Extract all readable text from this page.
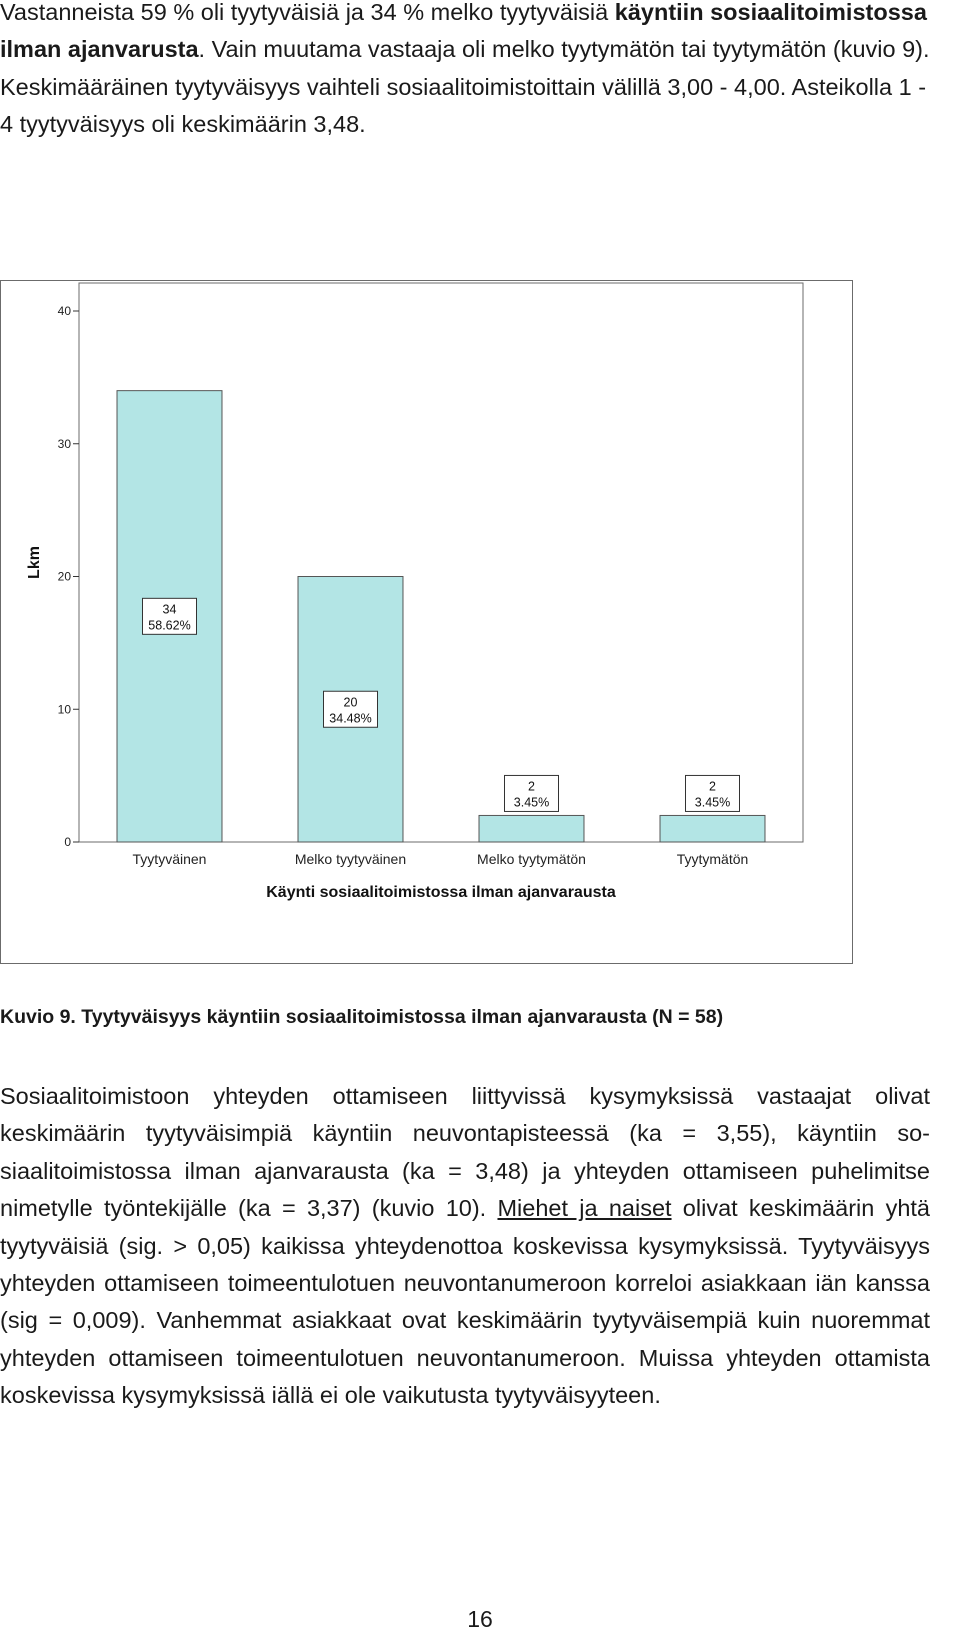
Vastanneista 59 % oli tyytyväisiä ja 34 % melko tyytyväisiä käyntiin sosiaalitoimistossa ilman ajanvarusta. Vain muutama vastaaja oli melko tyytymätön tai tyytymätön (kuvio 9). Keskimääräinen tyytyväisyys vaihteli sosiaalitoimistoittain välillä 3,00 - 4,00. Asteikolla 1 - 4 tyytyväisyys oli keskimäärin 3,48.

0
10
20
30
40
Lkm
Tyytyväinen
34
58.62%
Melko tyytyväinen
20
34.48%
Melko tyytymätön
2
3.45%
Tyytymätön
2
3.45%
Käynti sosiaalitoimistossa ilman ajanvarausta
Kuvio 9. Tyytyväisyys käyntiin sosiaalitoimistossa ilman ajanvarausta (N = 58)

Sosiaalitoimistoon yhteyden ottamiseen liittyvissä kysymyksissä vastaajat olivat keskimäärin tyytyväisimpiä käyntiin neuvontapisteessä (ka = 3,55), käyntiin sosiaalitoimistossa ilman ajanvarausta (ka = 3,48) ja yhteyden ottamiseen puhelimitse nimetylle työntekijälle (ka = 3,37) (kuvio 10). Miehet ja naiset olivat keskimäärin yhtä tyytyväisiä (sig. > 0,05) kaikissa yhteydenottoa koskevissa kysymyksissä. Tyytyväisyys yhteyden ottamiseen toimeentulotuen neuvontanumeroon korreloi asiakkaan iän kanssa (sig = 0,009). Vanhemmat asiakkaat ovat keskimäärin tyytyväisempiä kuin nuoremmat yhteyden ottamiseen toimeentulotuen neuvontanumeroon. Muissa yhteyden ottamista koskevissa kysymyksissä iällä ei ole vaikutusta tyytyväisyyteen.

16
